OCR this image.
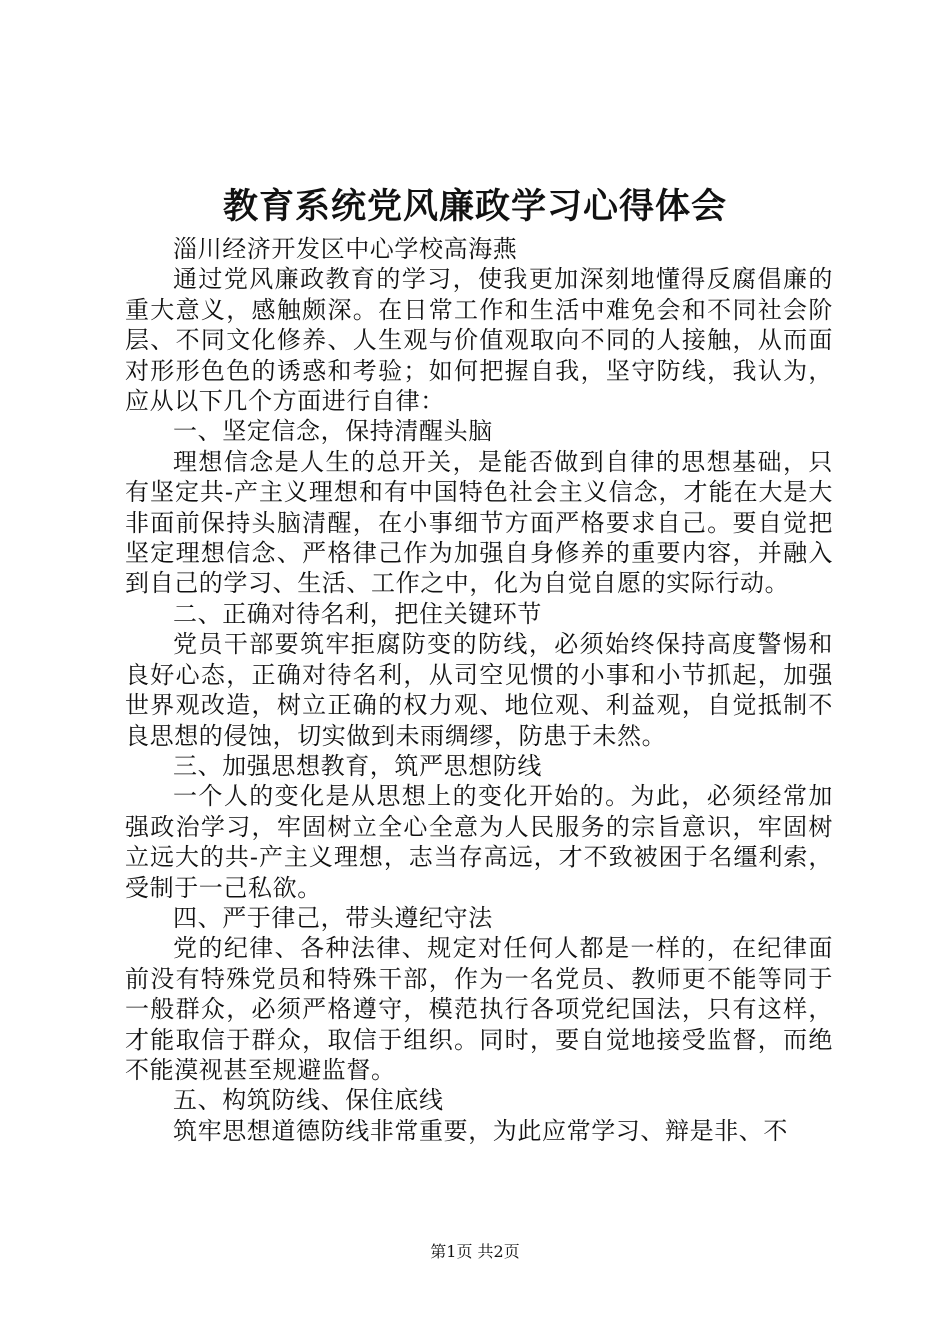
教育系统党风廉政学习心得体会

淄川经济开发区中心学校高海燕

通过党风廉政教育的学习，使我更加深刻地懂得反腐倡廉的重大意义，感触颇深。在日常工作和生活中难免会和不同社会阶层、不同文化修养、人生观与价值观取向不同的人接触，从而面对形形色色的诱惑和考验；如何把握自我，坚守防线，我认为，应从以下几个方面进行自律：

一、坚定信念，保持清醒头脑

理想信念是人生的总开关，是能否做到自律的思想基础，只有坚定共-产主义理想和有中国特色社会主义信念，才能在大是大非面前保持头脑清醒，在小事细节方面严格要求自己。要自觉把坚定理想信念、严格律己作为加强自身修养的重要内容，并融入到自己的学习、生活、工作之中，化为自觉自愿的实际行动。

二、正确对待名利，把住关键环节

党员干部要筑牢拒腐防变的防线，必须始终保持高度警惕和良好心态，正确对待名利，从司空见惯的小事和小节抓起，加强世界观改造，树立正确的权力观、地位观、利益观，自觉抵制不良思想的侵蚀，切实做到未雨绸缪，防患于未然。

三、加强思想教育，筑严思想防线

一个人的变化是从思想上的变化开始的。为此，必须经常加强政治学习，牢固树立全心全意为人民服务的宗旨意识，牢固树立远大的共-产主义理想，志当存高远，才不致被困于名缰利索，受制于一己私欲。

四、严于律己，带头遵纪守法

党的纪律、各种法律、规定对任何人都是一样的，在纪律面前没有特殊党员和特殊干部，作为一名党员、教师更不能等同于一般群众，必须严格遵守，模范执行各项党纪国法，只有这样，才能取信于群众，取信于组织。同时，要自觉地接受监督，而绝不能漠视甚至规避监督。

五、构筑防线、保住底线

筑牢思想道德防线非常重要，为此应常学习、辩是非、不

第1页 共2页
